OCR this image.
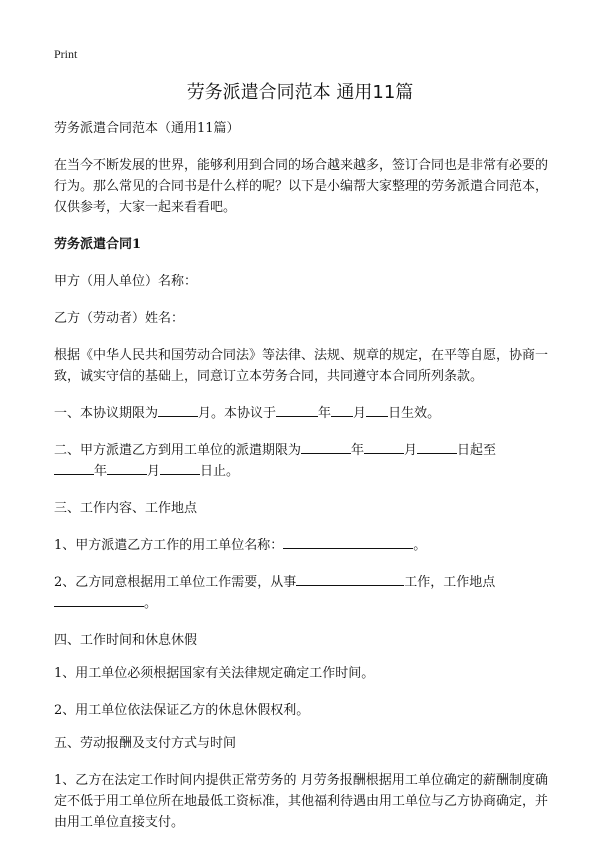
Print
劳务派遣合同范本 通用11篇

劳务派遣合同范本（通用11篇）

在当今不断发展的世界，能够利用到合同的场合越来越多，签订合同也是非常有必要的行为。那么常见的合同书是什么样的呢？以下是小编帮大家整理的劳务派遣合同范本，仅供参考，大家一起来看看吧。

劳务派遣合同1

甲方（用人单位）名称：

乙方（劳动者）姓名：

根据《中华人民共和国劳动合同法》等法律、法规、规章的规定，在平等自愿，协商一致，诚实守信的基础上，同意订立本劳务合同，共同遵守本合同所列条款。

一、本协议期限为	月。本协议于	年 月 日生效。

二、甲方派遣乙方到用工单位的派遣期限为	年	月	日起至
年	月	日止。

三、工作内容、工作地点

1、甲方派遣乙方工作的用工单位名称：	。

2、乙方同意根据用工单位工作需要，从事	工作，工作地点
。

四、工作时间和休息休假

1、用工单位必须根据国家有关法律规定确定工作时间。

2、用工单位依法保证乙方的休息休假权利。

五、劳动报酬及支付方式与时间

1、乙方在法定工作时间内提供正常劳务的 月劳务报酬根据用工单位确定的薪酬制度确定不低于用工单位所在地最低工资标准，其他福利待遇由用工单位与乙方协商确定，并由用工单位直接支付。
